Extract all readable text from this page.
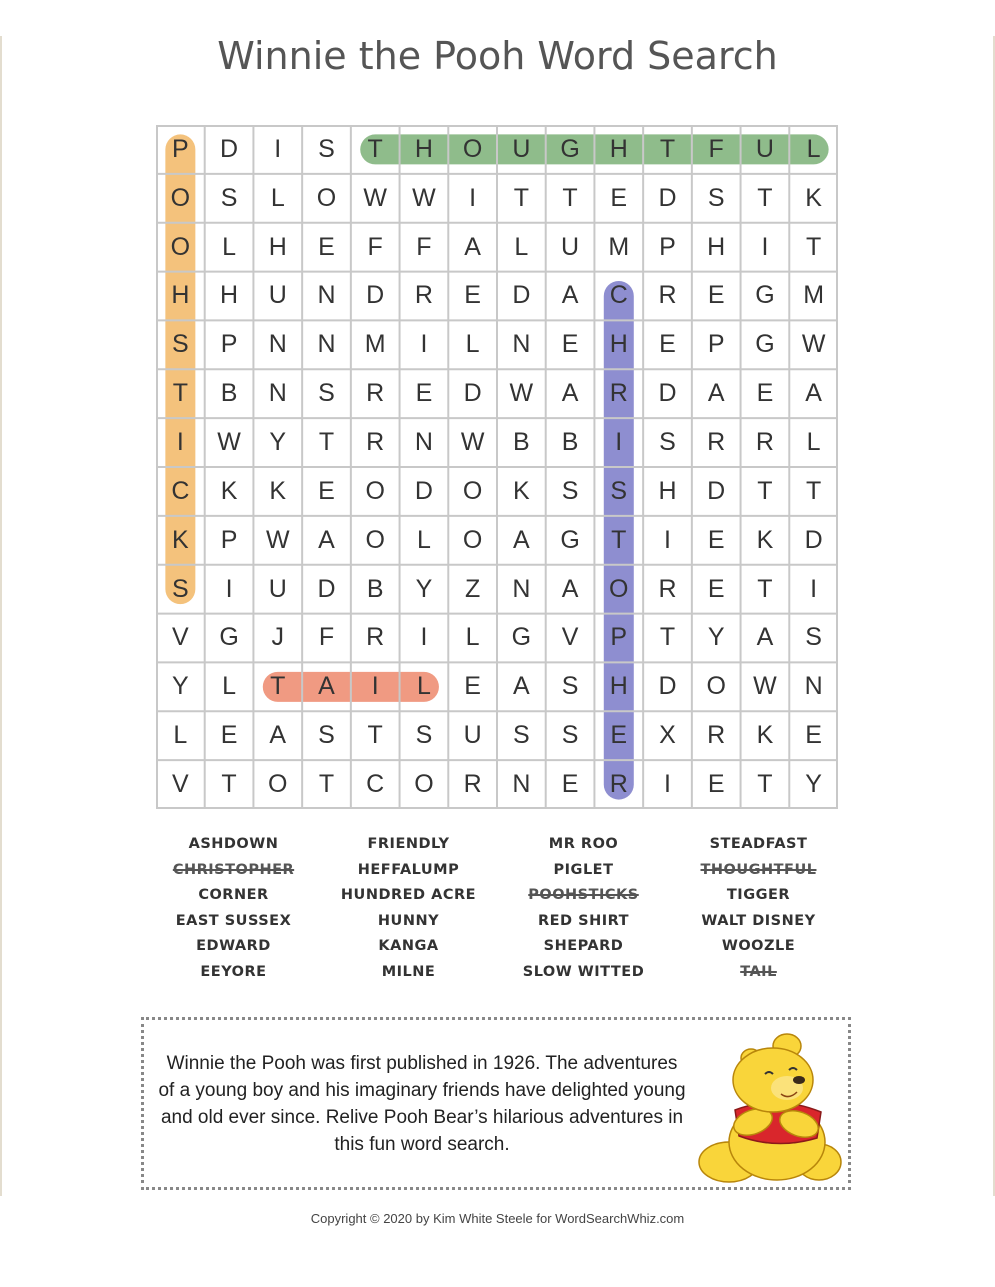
Winnie the Pooh Word Search
P	D	I	S	T	H	O	U	G	H	T	F	U	L
O	S	L	O	W	W	I	T	T	E	D	S	T	K
O	L	H	E	F	F	A	L	U	M	P	H	I	T
H	H	U	N	D	R	E	D	A	C	R	E	G	M
S	P	N	N	M	I	L	N	E	H	E	P	G	W
T	B	N	S	R	E	D	W	A	R	D	A	E	A
I	W	Y	T	R	N	W	B	B	I	S	R	R	L
C	K	K	E	O	D	O	K	S	S	H	D	T	T
K	P	W	A	O	L	O	A	G	T	I	E	K	D
S	I	U	D	B	Y	Z	N	A	O	R	E	T	I
V	G	J	F	R	I	L	G	V	P	T	Y	A	S
Y	L	T	A	I	L	E	A	S	H	D	O	W	N
L	E	A	S	T	S	U	S	S	E	X	R	K	E
V	T	O	T	C	O	R	N	E	R	I	E	T	Y
ASHDOWN
CHRISTOPHER
CORNER
EAST SUSSEX
EDWARD
EEYORE
FRIENDLY
HEFFALUMP
HUNDRED ACRE
HUNNY
KANGA
MILNE
MR ROO
PIGLET
POOHSTICKS
RED SHIRT
SHEPARD
SLOW WITTED
STEADFAST
THOUGHTFUL
TIGGER
WALT DISNEY
WOOZLE
TAIL
Winnie the Pooh was first published in 1926. The adventures of a young boy and his imaginary friends have delighted young and old ever since. Relive Pooh Bear’s hilarious adventures in this fun word search.
Copyright © 2020 by Kim White Steele for WordSearchWhiz.com
